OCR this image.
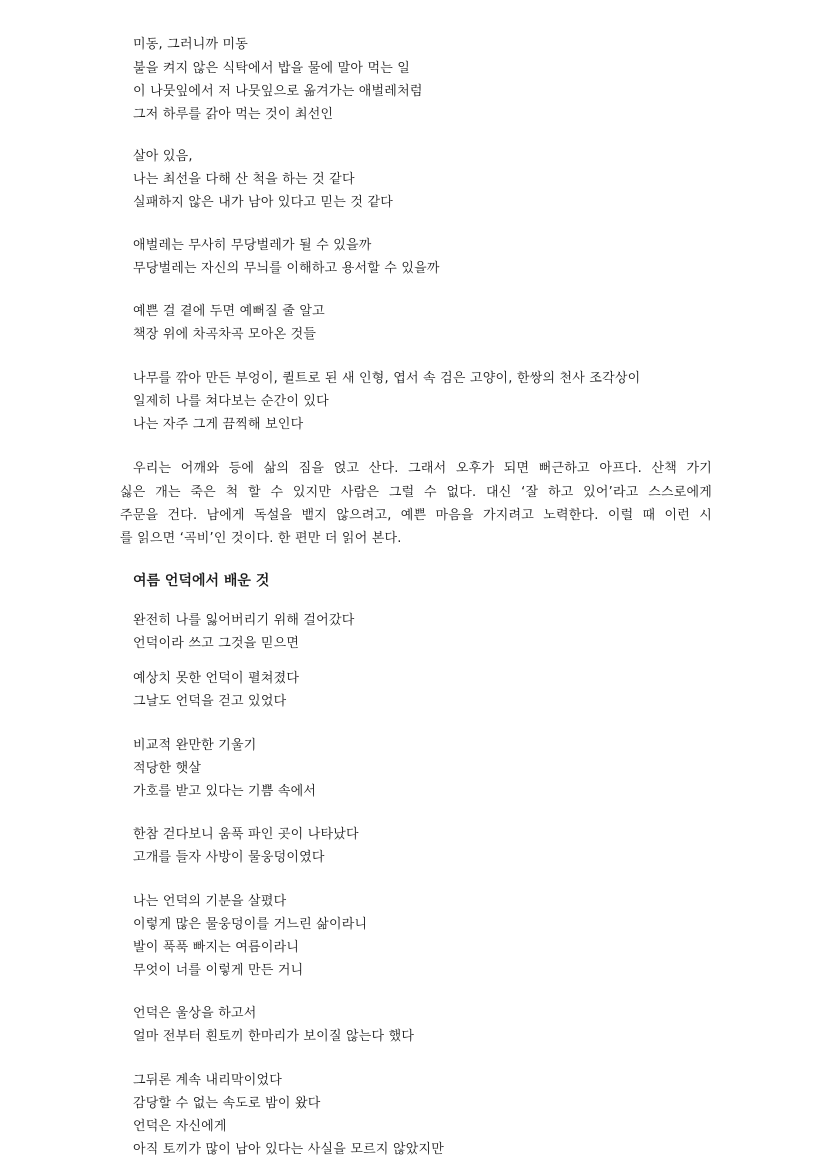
미동, 그러니까 미동
불을 켜지 않은 식탁에서 밥을 물에 말아 먹는 일
이 나뭇잎에서 저 나뭇잎으로 옮겨가는 애벌레처럼
그저 하루를 갉아 먹는 것이 최선인
살아 있음,
나는 최선을 다해 산 척을 하는 것 같다
실패하지 않은 내가 남아 있다고 믿는 것 같다
애벌레는 무사히 무당벌레가 될 수 있을까
무당벌레는 자신의 무늬를 이해하고 용서할 수 있을까
예쁜 걸 곁에 두면 예뻐질 줄 알고
책장 위에 차곡차곡 모아온 것들
나무를 깎아 만든 부엉이, 퀼트로 된 새 인형, 엽서 속 검은 고양이, 한쌍의 천사 조각상이
일제히 나를 쳐다보는 순간이 있다
나는 자주 그게 끔찍해 보인다
우리는 어깨와 등에 삶의 짐을 얹고 산다. 그래서 오후가 되면 뻐근하고 아프다. 산책 가기
싫은 개는 죽은 척 할 수 있지만 사람은 그럴 수 없다. 대신 ‘잘 하고 있어’라고 스스로에게
주문을 건다. 남에게 독설을 뱉지 않으려고, 예쁜 마음을 가지려고 노력한다. 이럴 때 이런 시
를 읽으면 ‘곡비’인 것이다. 한 편만 더 읽어 본다.
여름 언덕에서 배운 것
완전히 나를 잃어버리기 위해 걸어갔다
언덕이라 쓰고 그것을 믿으면
예상치 못한 언덕이 펼쳐졌다
그날도 언덕을 걷고 있었다
비교적 완만한 기울기
적당한 햇살
가호를 받고 있다는 기쁨 속에서
한참 걷다보니 움푹 파인 곳이 나타났다
고개를 들자 사방이 물웅덩이였다
나는 언덕의 기분을 살폈다
이렇게 많은 물웅덩이를 거느린 삶이라니
발이 푹푹 빠지는 여름이라니
무엇이 너를 이렇게 만든 거니
언덕은 울상을 하고서
얼마 전부터 흰토끼 한마리가 보이질 않는다 했다
그뒤론 계속 내리막이었다
감당할 수 없는 속도로 밤이 왔다
언덕은 자신에게
아직 토끼가 많이 남아 있다는 사실을 모르지 않았지만
